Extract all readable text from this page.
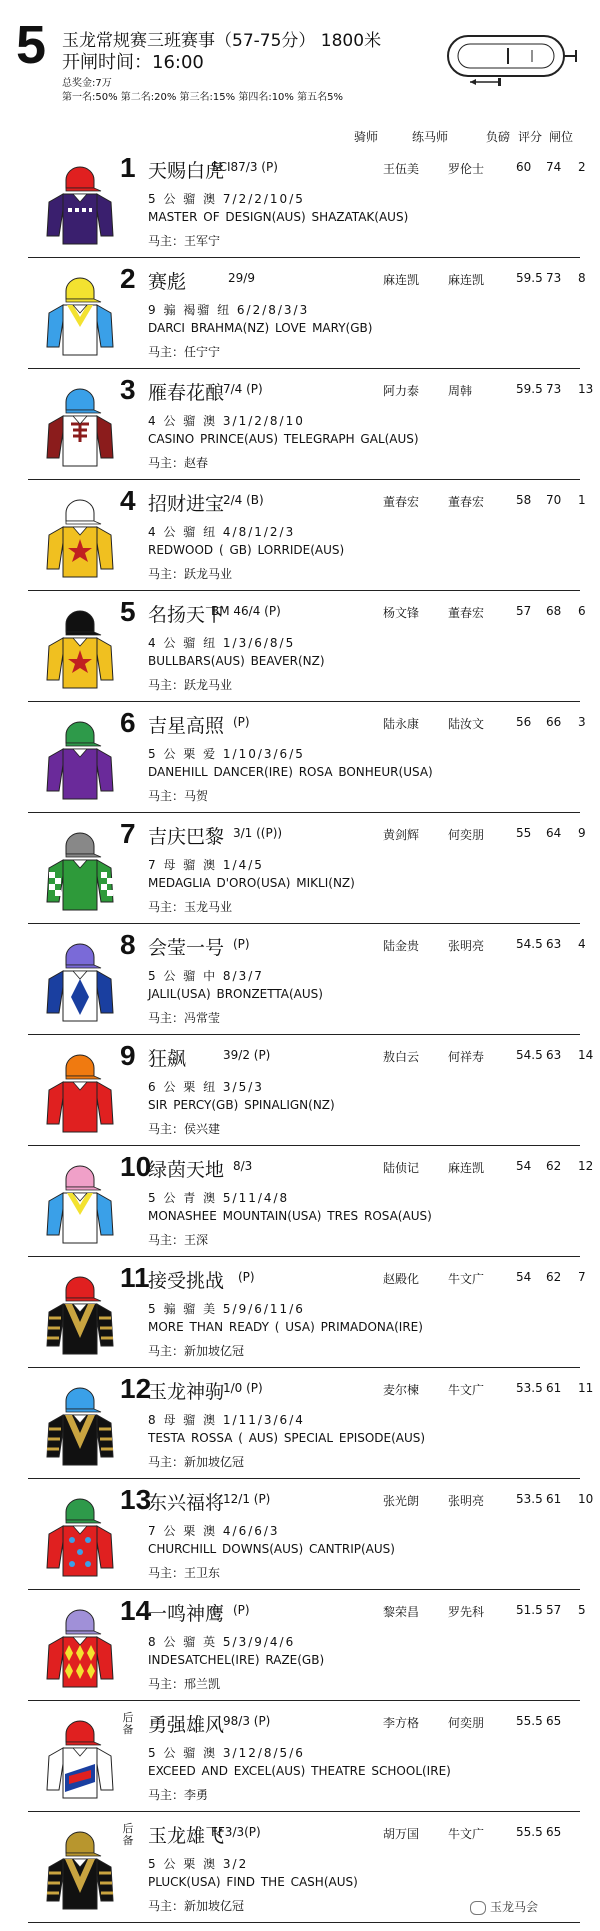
5 玉龙常规赛三班赛事（57-75分） 1800米
开闸时间：16:00
总奖金:7万
第一名:50% 第二名:20% 第三名:15% 第四名:10% 第五名5%
骑师	练马师	负磅 评分 闸位
1 天赐白虎
SCI87/3 (P)	王伍美 罗伦士	60 74 2
5 公 骝 澳 7/2/2/10/5
MASTER OF DESIGN(AUS) SHAZATAK(AUS)
马主：王军宁
2 赛彪	29/9	麻连凯 麻连凯	59.5 73 8
9 骟 褐骝 纽 6/2/8/3/3
DARCI BRAHMA(NZ) LOVE MARY(GB)
马主：任宁宁
3 雁春花酿
7/4 (P)	阿力泰 周韩	59.5 73 13
4 公 骝 澳 3/1/2/8/10
CASINO PRINCE(AUS) TELEGRAPH GAL(AUS)
马主：赵春
4 招财进宝
2/4 (B)	董春宏 董春宏	58 70 1
4 公 骝 纽 4/8/1/2/3
REDWOOD ( GB) LORRIDE(AUS)
马主：跃龙马业
5 名扬天下
BM 46/4 (P)	杨文锋 董春宏	57 68 6
4 公 骝 纽 1/3/6/8/5
BULLBARS(AUS) BEAVER(NZ)
马主：跃龙马业
6 吉星高照 (P)	陆永康 陆汝文	56 66 3
5 公 栗 爱 1/10/3/6/5
DANEHILL DANCER(IRE) ROSA BONHEUR(USA)
马主：马贺
7 吉庆巴黎 3/1 ((P))	黄剑辉 何奕朋	55 64 9
7 母 骝 澳 1/4/5
MEDAGLIA D'ORO(USA) MIKLI(NZ)
马主：玉龙马业
8 会莹一号 (P)	陆金贵 张明亮	54.5 63 4
5 公 骝 中 8/3/7
JALIL(USA) BRONZETTA(AUS)
马主：冯常莹
9 狂飙	39/2 (P)	敖白云 何祥寿	54.5 63 14
6 公 栗 纽 3/5/3
SIR PERCY(GB) SPINALIGN(NZ)
马主：侯兴建
10
绿茵天地 8/3	陆侦记 麻连凯	54 62 12
5 公 青 澳 5/11/4/8
MONASHEE MOUNTAIN(USA) TRES ROSA(AUS)
马主：王深
11
接受挑战 (P)	赵殿化 牛文广	54 62 7
5 骟 骝 美 5/9/6/11/6
MORE THAN READY ( USA) PRIMADONA(IRE)
马主：新加坡亿冠
12
玉龙神驹
1/0 (P)	麦尔楝 牛文广	53.5 61 11
8 母 骝 澳 1/11/3/6/4
TESTA ROSSA ( AUS) SPECIAL EPISODE(AUS)
马主：新加坡亿冠
13
东兴福将
12/1 (P)	张光朗 张明亮	53.5 61 10
7 公 栗 澳 4/6/6/3
CHURCHILL DOWNS(AUS) CANTRIP(AUS)
马主：王卫东
14
一鸣神鹰 (P)	黎荣昌 罗先科	51.5 57 5
8 公 骝 英 5/3/9/4/6
INDESATCHEL(IRE) RAZE(GB)
马主：邢兰凯
后备 勇强雄风
98/3 (P)	李方格 何奕朋	55.5 65
5 公 骝 澳 3/12/8/5/6
EXCEED AND EXCEL(AUS) THEATRE SCHOOL(IRE)
马主：李勇
后备 玉龙雄飞
FF3/3(P)	胡万国 牛文广	55.5 65
5 公 栗 澳 3/2
PLUCK(USA) FIND THE CASH(AUS)
马主：新加坡亿冠	玉龙马会
